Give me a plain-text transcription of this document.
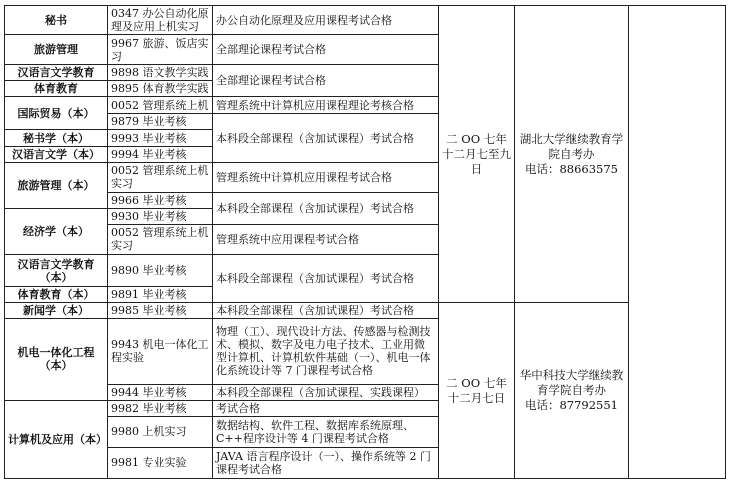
秘书	0347 办公自动化原理及应用上机实习	办公自动化原理及应用课程考试合格	二 OO 七年十二月七至九日	湖北大学继续教育学院自考办
电话：88663575	

旅游管理	9967 旅游、饭店实习	全部理论课程考试合格			
汉语言文学教育	9898 语文教学实践	全部理论课程考试合格			
体育教育	9895 体育教学实践				
国际贸易（本）	0052 管理系统上机	管理系统中计算机应用课程理论考核合格			
	9879 毕业考核	本科段全部课程（含加试课程）考试合格			
秘书学（本）	9993 毕业考核				
汉语言文学（本）	9994 毕业考核				
旅游管理（本）	0052 管理系统上机实习	管理系统中计算机应用课程考试合格			
	9966 毕业考核	本科段全部课程（含加试课程）考试合格			
经济学（本）	9930 毕业考核				
	0052 管理系统上机实习	管理系统中应用课程考试合格			
汉语言文学教育（本）	9890 毕业考核	本科段全部课程（含加试课程）考试合格			
体育教育（本）	9891 毕业考核				
新闻学（本）	9985 毕业考核	本科段全部课程（含加试课程）考试合格	二 OO 七年十二月七日	华中科技大学继续教育学院自考办
电话：87792551	

机电一体化工程（本）	9943 机电一体化工程实验	物理（工）、现代设计方法、传感器与检测技术、模拟、数字及电力电子技术、工业用微型计算机、计算机软件基础（一）、机电一体化系统设计等 7 门课程考试合格			
	9944 毕业考核	本科段全部课程（含加试课程、实践课程）			
计算机及应用（本）	9982 毕业考核	考试合格			
	9980 上机实习	数据结构、软件工程、数据库系统原理、C++程序设计等 4 门课程考试合格			
	9981 专业实验	JAVA 语言程序设计（一）、操作系统等 2 门课程考试合格			
